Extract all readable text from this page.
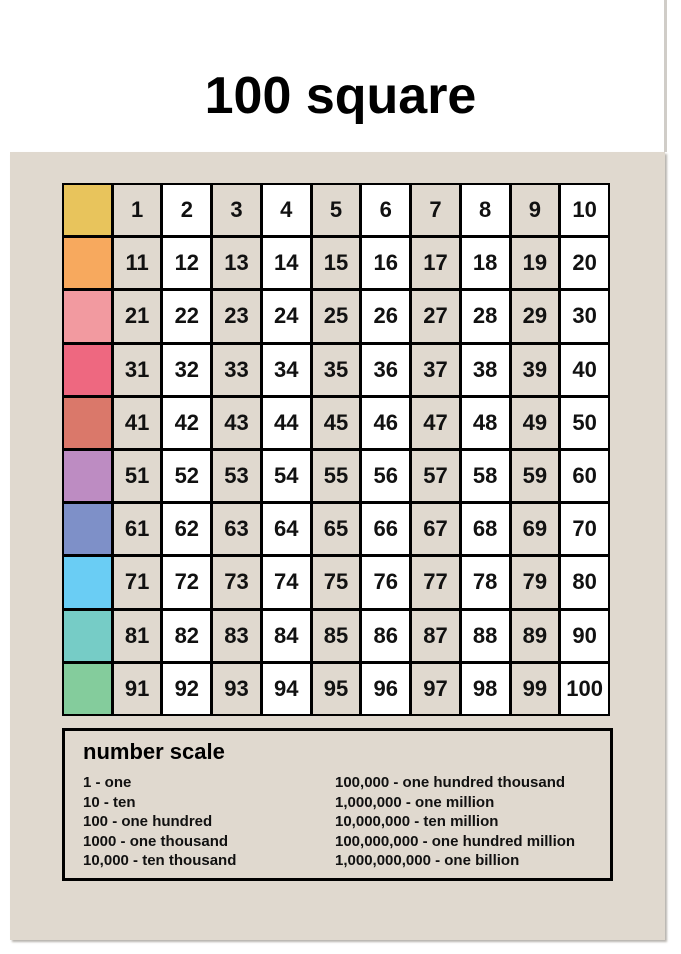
100 square
1	2	3	4	5	6	7	8	9	10
11	12	13	14	15	16	17	18	19	20
21	22	23	24	25	26	27	28	29	30
31	32	33	34	35	36	37	38	39	40
41	42	43	44	45	46	47	48	49	50
51	52	53	54	55	56	57	58	59	60
61	62	63	64	65	66	67	68	69	70
71	72	73	74	75	76	77	78	79	80
81	82	83	84	85	86	87	88	89	90
91	92	93	94	95	96	97	98	99 100
number scale
1 - one
10 - ten
100 - one hundred
1000 - one thousand
10,000 - ten thousand
100,000 - one hundred thousand
1,000,000 - one million
10,000,000 - ten million
100,000,000 - one hundred million
1,000,000,000 - one billion
